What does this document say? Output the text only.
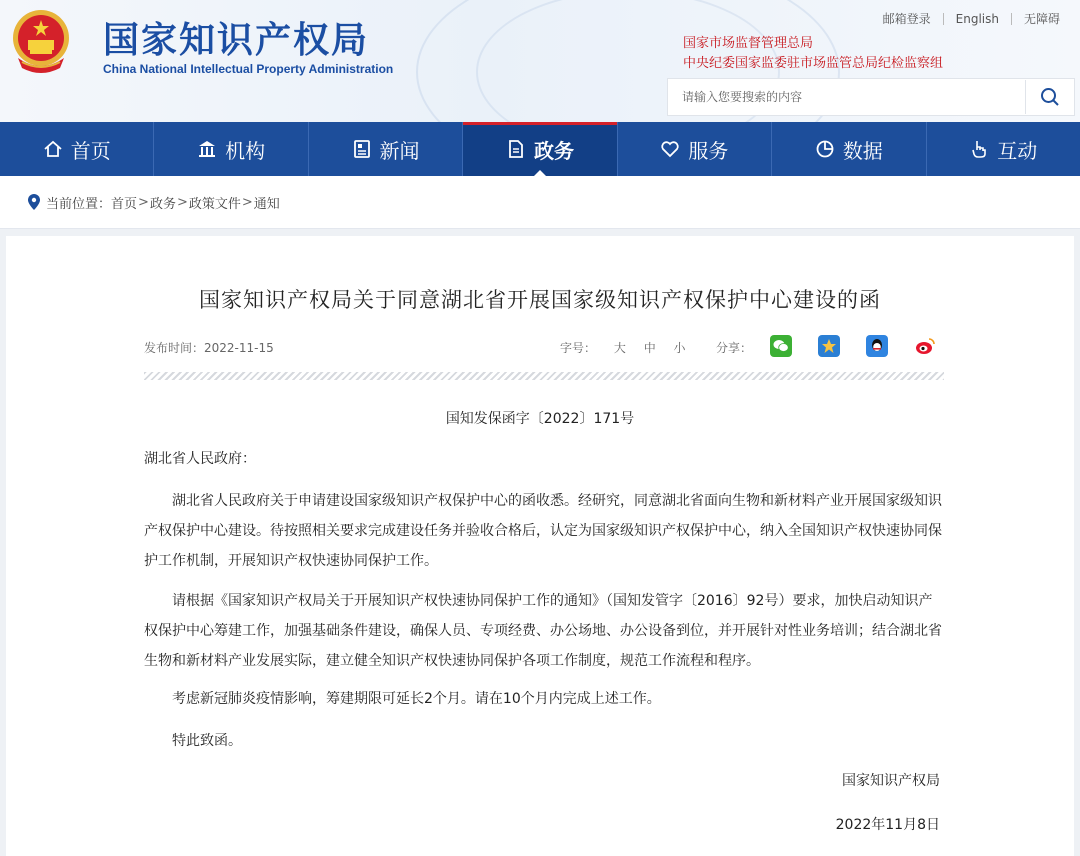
国家知识产权局
China National Intellectual Property Administration
邮箱登录	English	无障碍
国家市场监督管理总局
中央纪委国家监委驻市场监管总局纪检监察组
请输入您要搜索的内容
首页	机构	新闻	政务	服务	数据	互动
当前位置： 首页 > 政务 > 政策文件 > 通知
国家知识产权局关于同意湖北省开展国家级知识产权保护中心建设的函
发布时间：2022-11-15	字号： 大 中 小	分享：
国知发保函字〔2022〕171号
湖北省人民政府：
湖北省人民政府关于申请建设国家级知识产权保护中心的函收悉。经研究，同意湖北省面向生物和新材料产业开展国家级知识产权保护中心建设。待按照相关要求完成建设任务并验收合格后，认定为国家级知识产权保护中心，纳入全国知识产权快速协同保护工作机制，开展知识产权快速协同保护工作。
请根据《国家知识产权局关于开展知识产权快速协同保护工作的通知》（国知发管字〔2016〕92号）要求，加快启动知识产权保护中心筹建工作，加强基础条件建设，确保人员、专项经费、办公场地、办公设备到位，并开展针对性业务培训；结合湖北省生物和新材料产业发展实际，建立健全知识产权快速协同保护各项工作制度，规范工作流程和程序。
考虑新冠肺炎疫情影响，筹建期限可延长2个月。请在10个月内完成上述工作。
特此致函。
国家知识产权局
2022年11月8日
